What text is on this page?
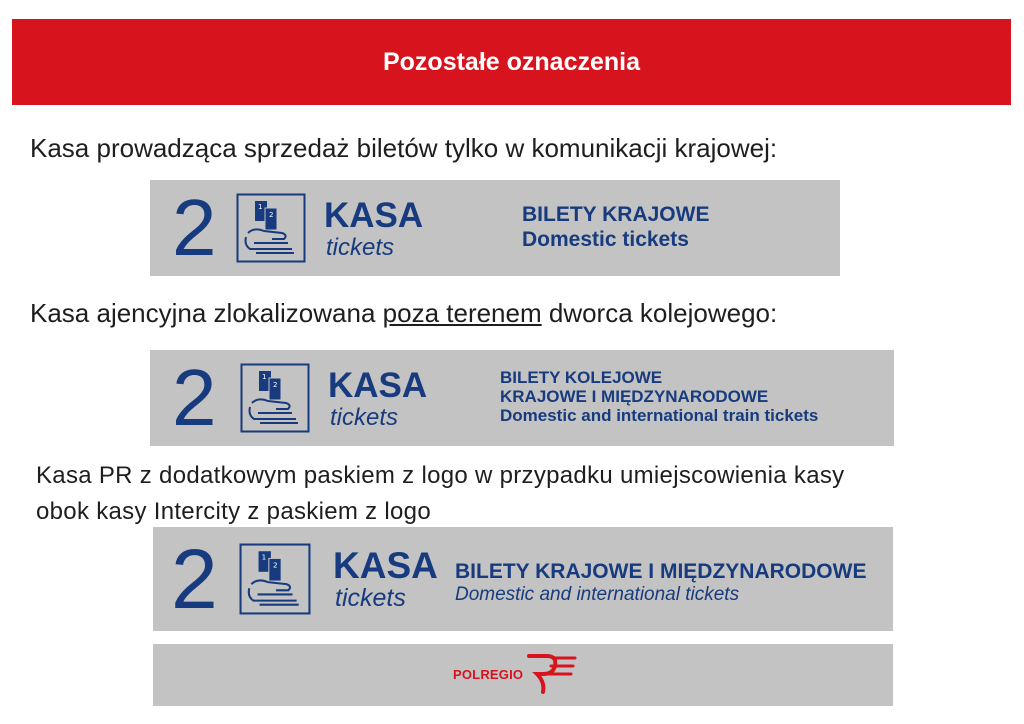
Pozostałe oznaczenia
Kasa prowadząca sprzedaż biletów tylko w komunikacji krajowej:
2	1
2 KASA
tickets
BILETY KRAJOWE
Domestic tickets
Kasa ajencyjna zlokalizowana poza terenem dworca kolejowego:
2	1
2 KASA
tickets
BILETY KOLEJOWE
KRAJOWE I MIĘDZYNARODOWE
Domestic and international train tickets
Kasa PR z dodatkowym paskiem z logo w przypadku umiejscowienia kasy
obok kasy Intercity z paskiem z logo
2	1
2 KASA
tickets
BILETY KRAJOWE I MIĘDZYNARODOWE
Domestic and international tickets
POLREGIO
